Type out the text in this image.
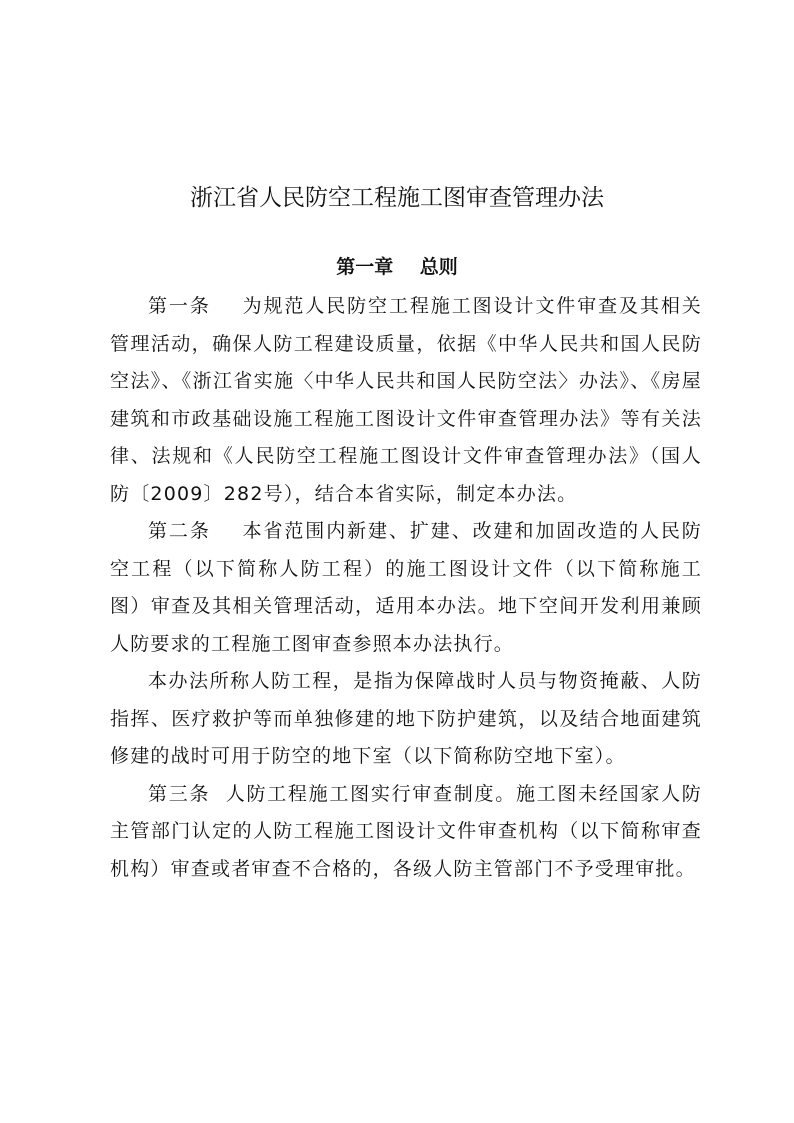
浙江省人民防空工程施工图审查管理办法
第一章    总则

第一条    为规范人民防空工程施工图设计文件审查及其相关管理活动，确保人防工程建设质量，依据《中华人民共和国人民防空法》、《浙江省实施〈中华人民共和国人民防空法〉办法》、《房屋建筑和市政基础设施工程施工图设计文件审查管理办法》等有关法律、法规和《人民防空工程施工图设计文件审查管理办法》（国人防〔2009〕282号），结合本省实际，制定本办法。

第二条    本省范围内新建、扩建、改建和加固改造的人民防空工程（以下简称人防工程）的施工图设计文件（以下简称施工图）审查及其相关管理活动，适用本办法。地下空间开发利用兼顾人防要求的工程施工图审查参照本办法执行。

本办法所称人防工程，是指为保障战时人员与物资掩蔽、人防指挥、医疗救护等而单独修建的地下防护建筑，以及结合地面建筑修建的战时可用于防空的地下室（以下简称防空地下室）。

第三条  人防工程施工图实行审查制度。施工图未经国家人防主管部门认定的人防工程施工图设计文件审查机构（以下简称审查机构）审查或者审查不合格的，各级人防主管部门不予受理审批。
